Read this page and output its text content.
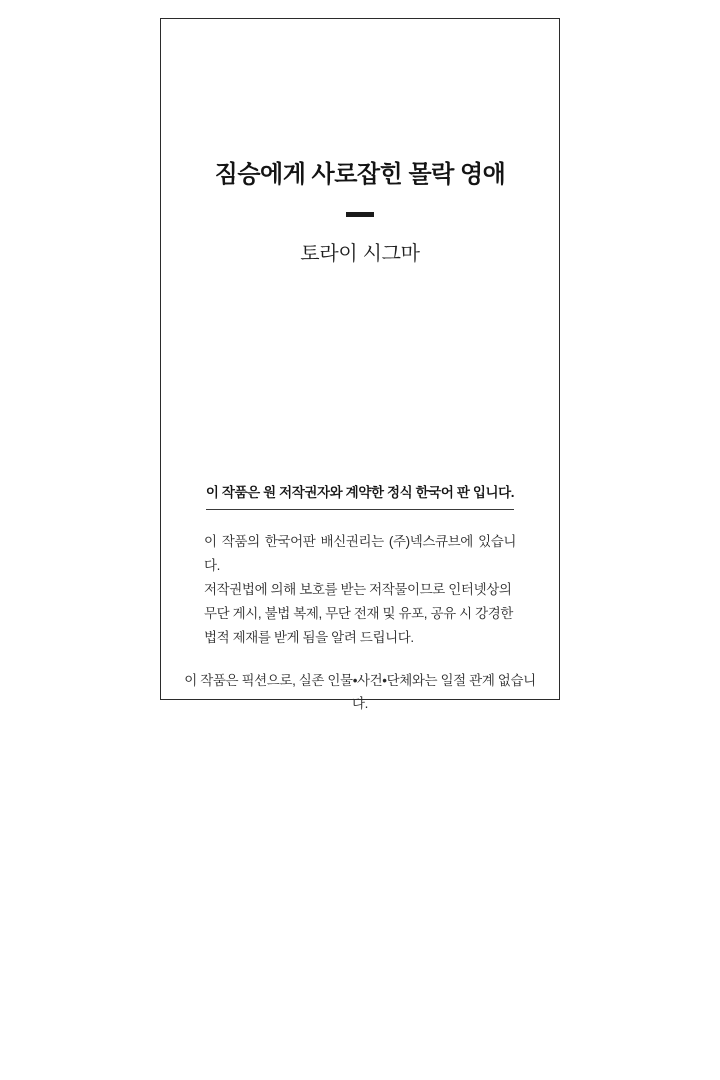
짐승에게 사로잡힌 몰락 영애
토라이 시그마
이 작품은 원 저작권자와 계약한 정식 한국어 판 입니다.
이 작품의 한국어판 배신권리는 (주)넥스큐브에 있습니다.
저작권법에 의해 보호를 받는 저작물이므로 인터넷상의
무단 게시, 불법 복제, 무단 전재 및 유포, 공유 시 강경한
법적 제재를 받게 됨을 알려 드립니다.
이 작품은 픽션으로, 실존 인물•사건•단체와는 일절 관계 없습니다.
